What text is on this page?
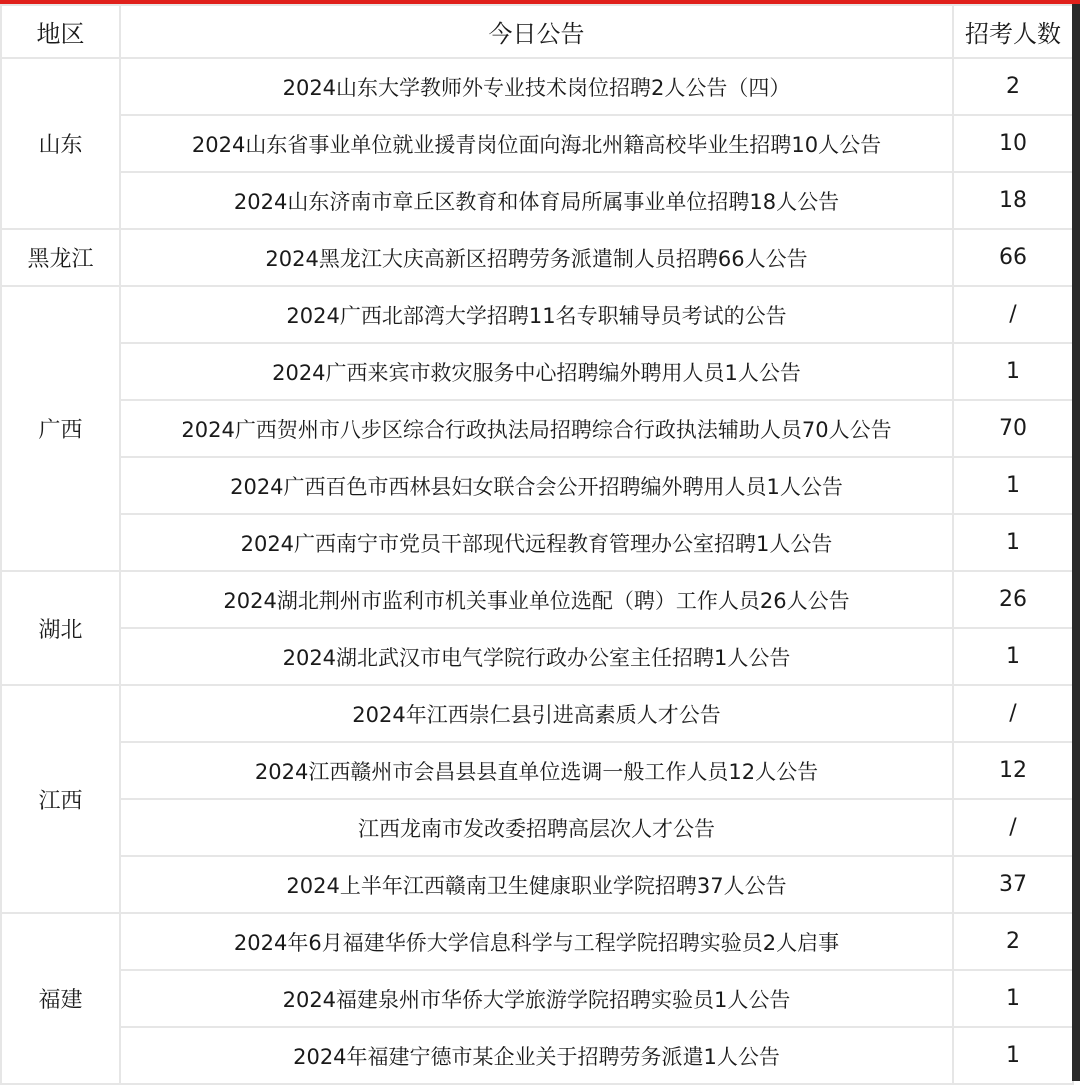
地区	今日公告	招考人数
山东	2024山东大学教师外专业技术岗位招聘2人公告（四）	2
	2024山东省事业单位就业援青岗位面向海北州籍高校毕业生招聘10人公告	10
	2024山东济南市章丘区教育和体育局所属事业单位招聘18人公告	18
黑龙江	2024黑龙江大庆高新区招聘劳务派遣制人员招聘66人公告	66
广西	2024广西北部湾大学招聘11名专职辅导员考试的公告	/
	2024广西来宾市救灾服务中心招聘编外聘用人员1人公告	1
	2024广西贺州市八步区综合行政执法局招聘综合行政执法辅助人员70人公告	70
	2024广西百色市西林县妇女联合会公开招聘编外聘用人员1人公告	1
	2024广西南宁市党员干部现代远程教育管理办公室招聘1人公告	1
湖北	2024湖北荆州市监利市机关事业单位选配（聘）工作人员26人公告	26
	2024湖北武汉市电气学院行政办公室主任招聘1人公告	1
江西	2024年江西崇仁县引进高素质人才公告	/
	2024江西赣州市会昌县县直单位选调一般工作人员12人公告	12
	江西龙南市发改委招聘高层次人才公告	/
	2024上半年江西赣南卫生健康职业学院招聘37人公告	37
福建	2024年6月福建华侨大学信息科学与工程学院招聘实验员2人启事	2
	2024福建泉州市华侨大学旅游学院招聘实验员1人公告	1
	2024年福建宁德市某企业关于招聘劳务派遣1人公告	1
